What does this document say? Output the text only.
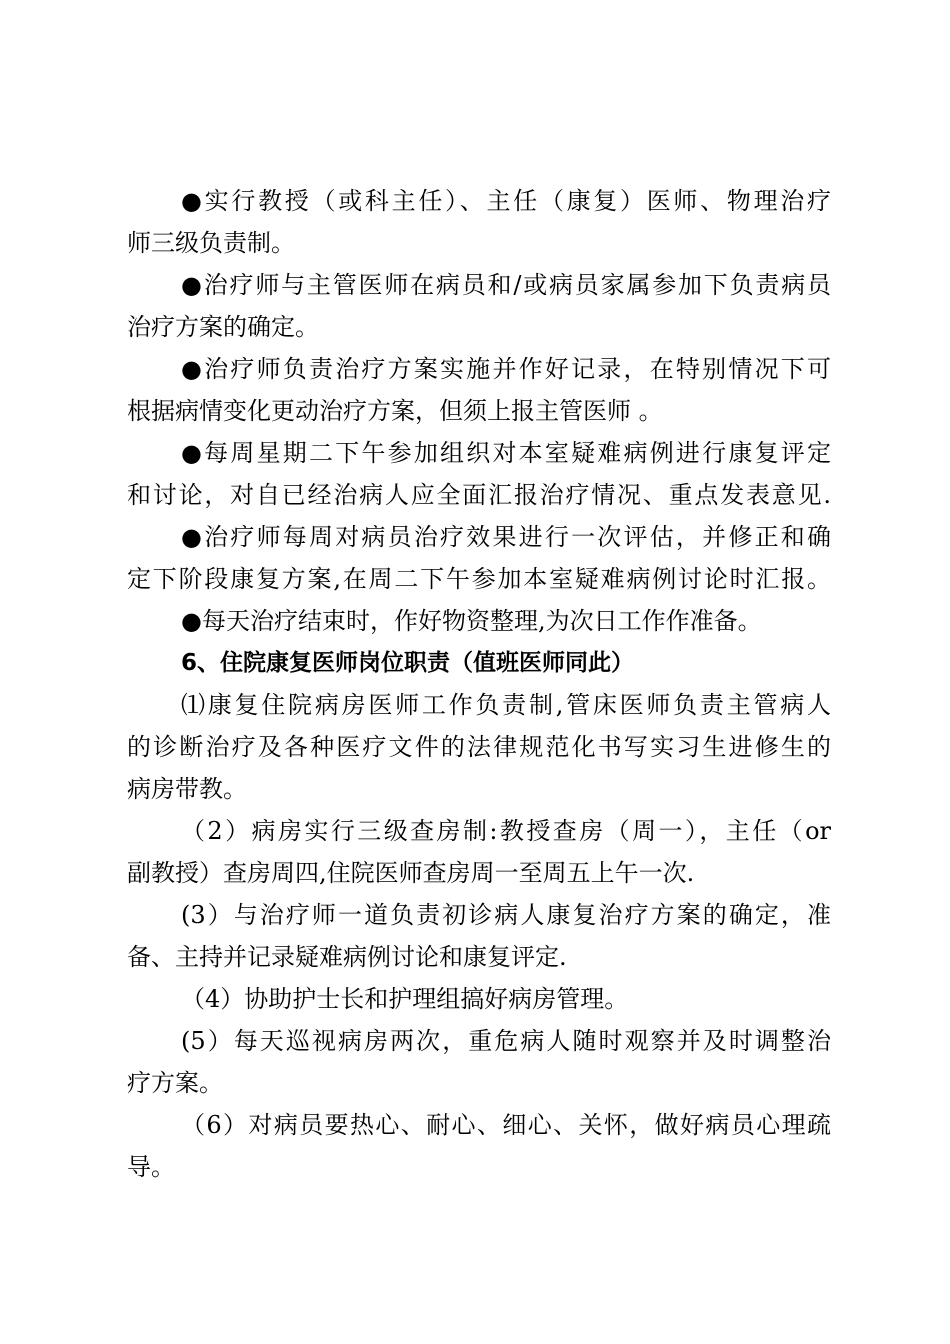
●实行教授（或科主任）、主任（康复）医师、物理治疗
师三级负责制。
●治疗师与主管医师在病员和/或病员家属参加下负责病员
治疗方案的确定。
●治疗师负责治疗方案实施并作好记录，在特别情况下可
根据病情变化更动治疗方案，但须上报主管医师 。
●每周星期二下午参加组织对本室疑难病例进行康复评定
和讨论，对自已经治病人应全面汇报治疗情况、重点发表意见.
●治疗师每周对病员治疗效果进行一次评估，并修正和确
定下阶段康复方案,在周二下午参加本室疑难病例讨论时汇报。
●每天治疗结束时，作好物资整理,为次日工作作准备。
6、住院康复医师岗位职责（值班医师同此）
⑴康复住院病房医师工作负责制,管床医师负责主管病人
的诊断治疗及各种医疗文件的法律规范化书写实习生进修生的
病房带教。
（2）病房实行三级查房制:教授查房（周一），主任（or
副教授）查房周四,住院医师查房周一至周五上午一次.
(3）与治疗师一道负责初诊病人康复治疗方案的确定，准
备、主持并记录疑难病例讨论和康复评定.
（4）协助护士长和护理组搞好病房管理。
(5）每天巡视病房两次，重危病人随时观察并及时调整治
疗方案。
（6）对病员要热心、耐心、细心、关怀，做好病员心理疏
导。
